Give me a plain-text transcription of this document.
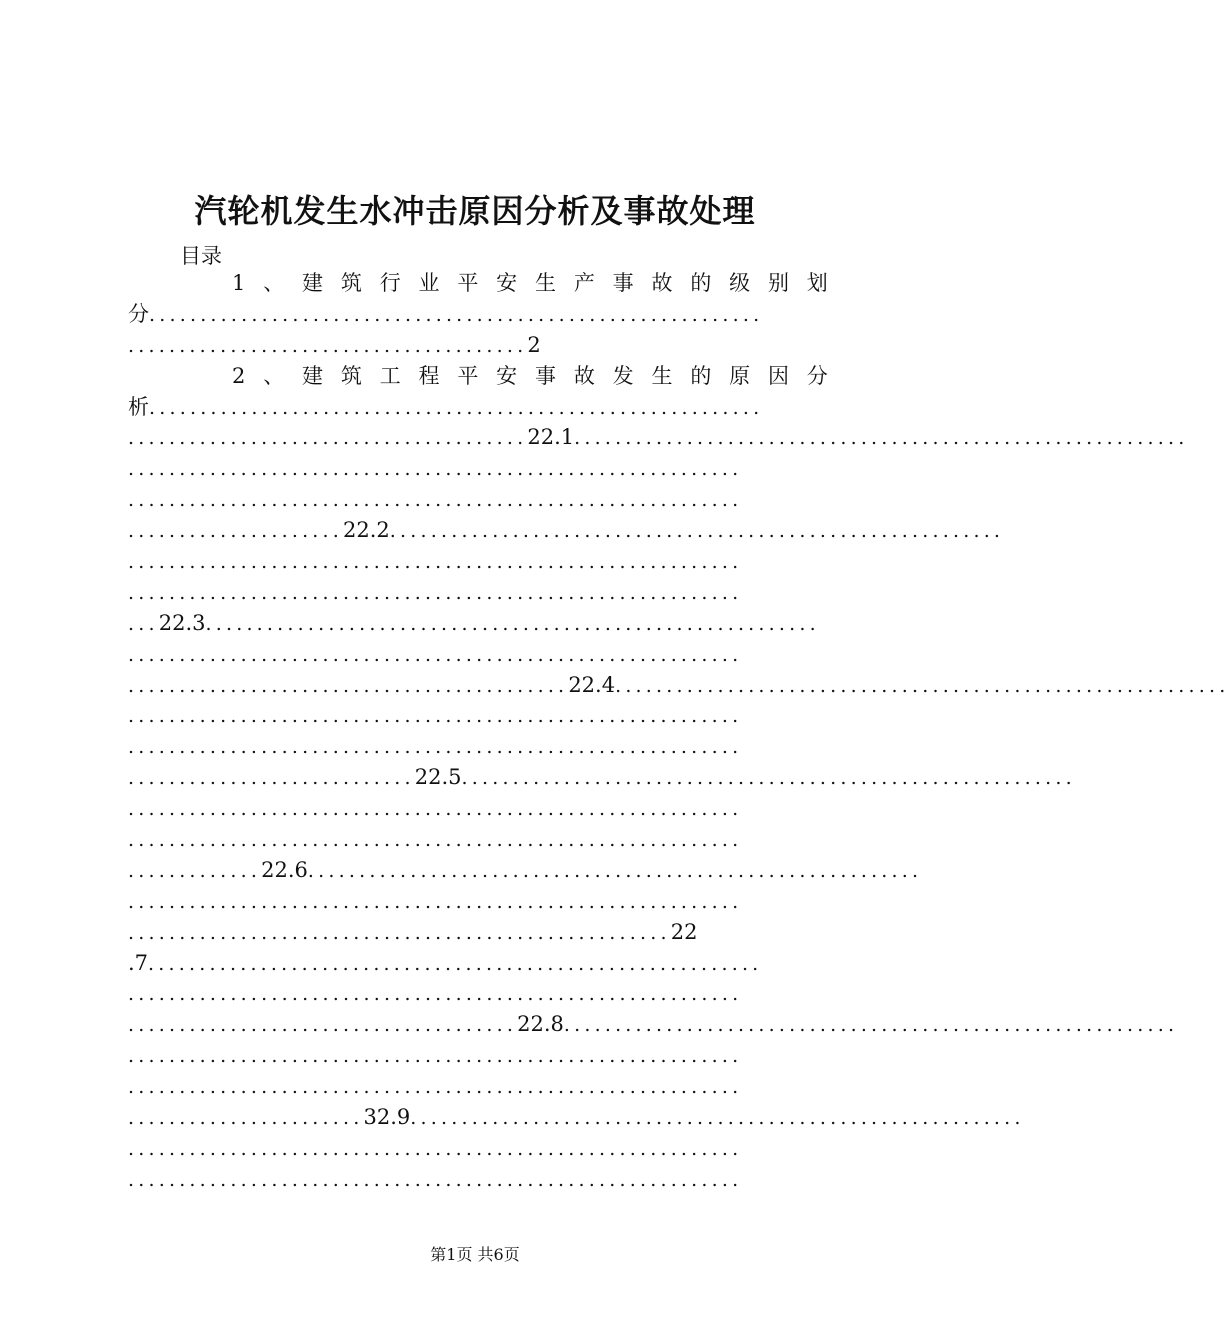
汽轮机发生水冲击原因分析及事故处理
目录
1 、 建 筑 行 业 平 安 生 产 事 故 的 级 别 划
分............................................................
.......................................2
2 、 建 筑 工 程 平 安 事 故 发 生 的 原 因 分
析............................................................
.......................................22.1............................................................
............................................................
............................................................
.....................22.2............................................................
............................................................
............................................................
...22.3............................................................
............................................................
...........................................22.4............................................................
............................................................
............................................................
............................22.5............................................................
............................................................
............................................................
.............22.6............................................................
............................................................
.....................................................22
.7............................................................
............................................................
......................................22.8............................................................
............................................................
............................................................
.......................32.9............................................................
............................................................
............................................................
第1页 共6页
